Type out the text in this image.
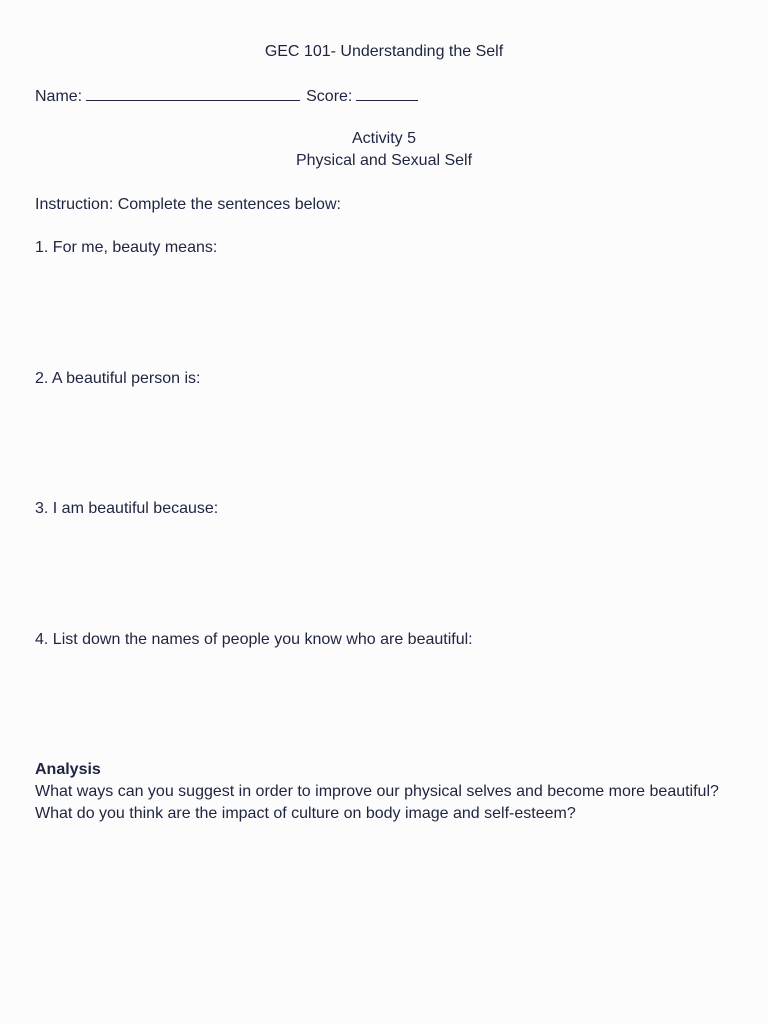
GEC 101- Understanding the Self
Name:	Score:
Activity 5
Physical and Sexual Self
Instruction: Complete the sentences below:
1. For me, beauty means:
2. A beautiful person is:
3. I am beautiful because:
4. List down the names of people you know who are beautiful:
Analysis
What ways can you suggest in order to improve our physical selves and become more beautiful? What do you think are the impact of culture on body image and self-esteem?
